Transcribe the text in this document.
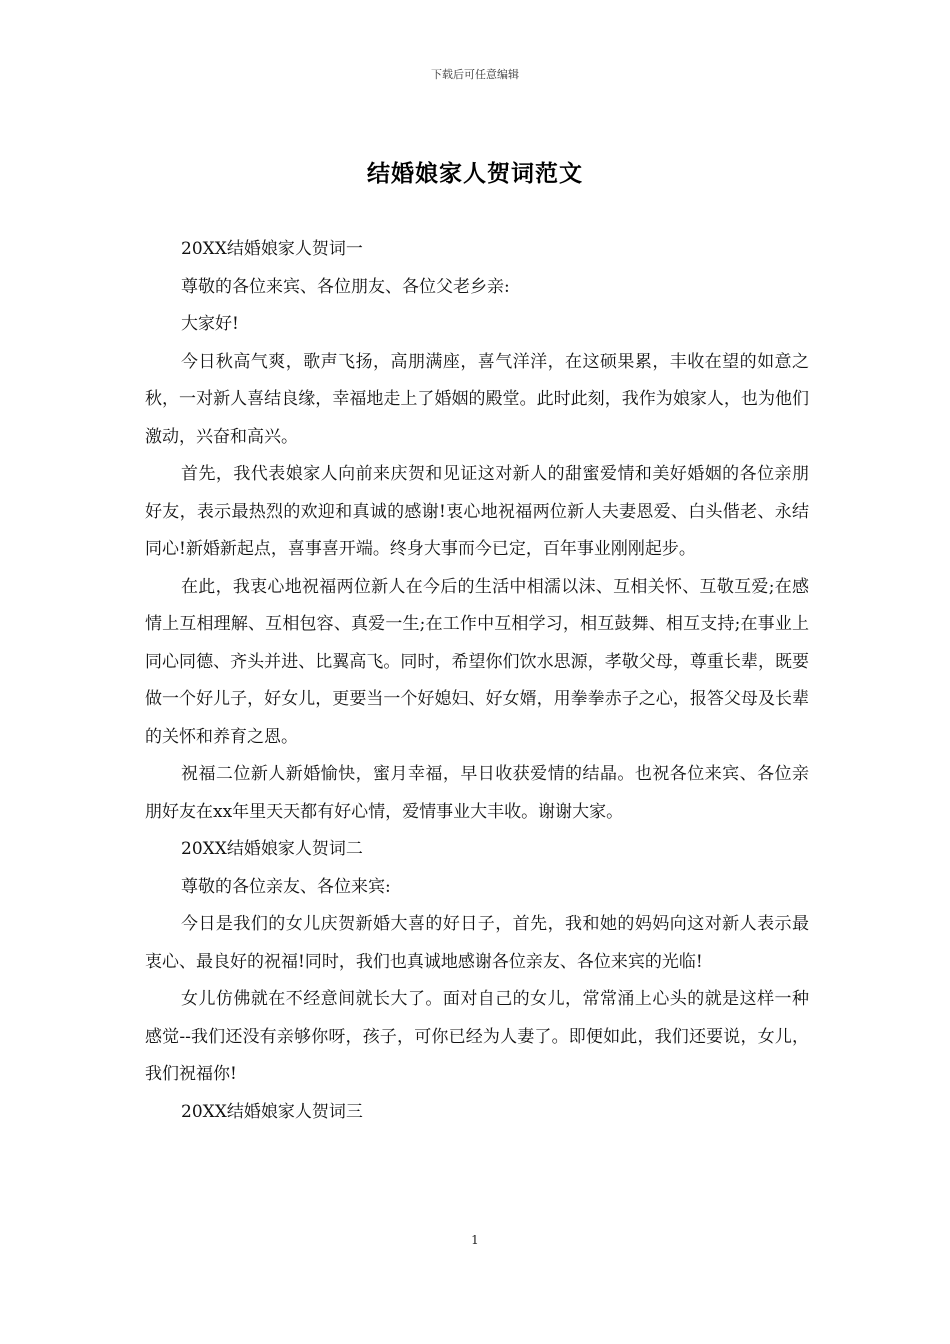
下载后可任意编辑
结婚娘家人贺词范文

20XX结婚娘家人贺词一

尊敬的各位来宾、各位朋友、各位父老乡亲:

大家好!

今日秋高气爽，歌声飞扬，高朋满座，喜气洋洋，在这硕果累，丰收在望的如意之秋，一对新人喜结良缘，幸福地走上了婚姻的殿堂。此时此刻，我作为娘家人，也为他们激动，兴奋和高兴。

首先，我代表娘家人向前来庆贺和见证这对新人的甜蜜爱情和美好婚姻的各位亲朋好友，表示最热烈的欢迎和真诚的感谢!衷心地祝福两位新人夫妻恩爱、白头偕老、永结同心!新婚新起点，喜事喜开端。终身大事而今已定，百年事业刚刚起步。

在此，我衷心地祝福两位新人在今后的生活中相濡以沫、互相关怀、互敬互爱;在感情上互相理解、互相包容、真爱一生;在工作中互相学习，相互鼓舞、相互支持;在事业上同心同德、齐头并进、比翼高飞。同时，希望你们饮水思源，孝敬父母，尊重长辈，既要做一个好儿子，好女儿，更要当一个好媳妇、好女婿，用拳拳赤子之心，报答父母及长辈的关怀和养育之恩。

祝福二位新人新婚愉快，蜜月幸福，早日收获爱情的结晶。也祝各位来宾、各位亲朋好友在xx年里天天都有好心情，爱情事业大丰收。谢谢大家。

20XX结婚娘家人贺词二

尊敬的各位亲友、各位来宾:

今日是我们的女儿庆贺新婚大喜的好日子，首先，我和她的妈妈向这对新人表示最衷心、最良好的祝福!同时，我们也真诚地感谢各位亲友、各位来宾的光临!

女儿仿佛就在不经意间就长大了。面对自己的女儿，常常涌上心头的就是这样一种感觉--我们还没有亲够你呀，孩子，可你已经为人妻了。即便如此，我们还要说，女儿，我们祝福你!

20XX结婚娘家人贺词三

1
